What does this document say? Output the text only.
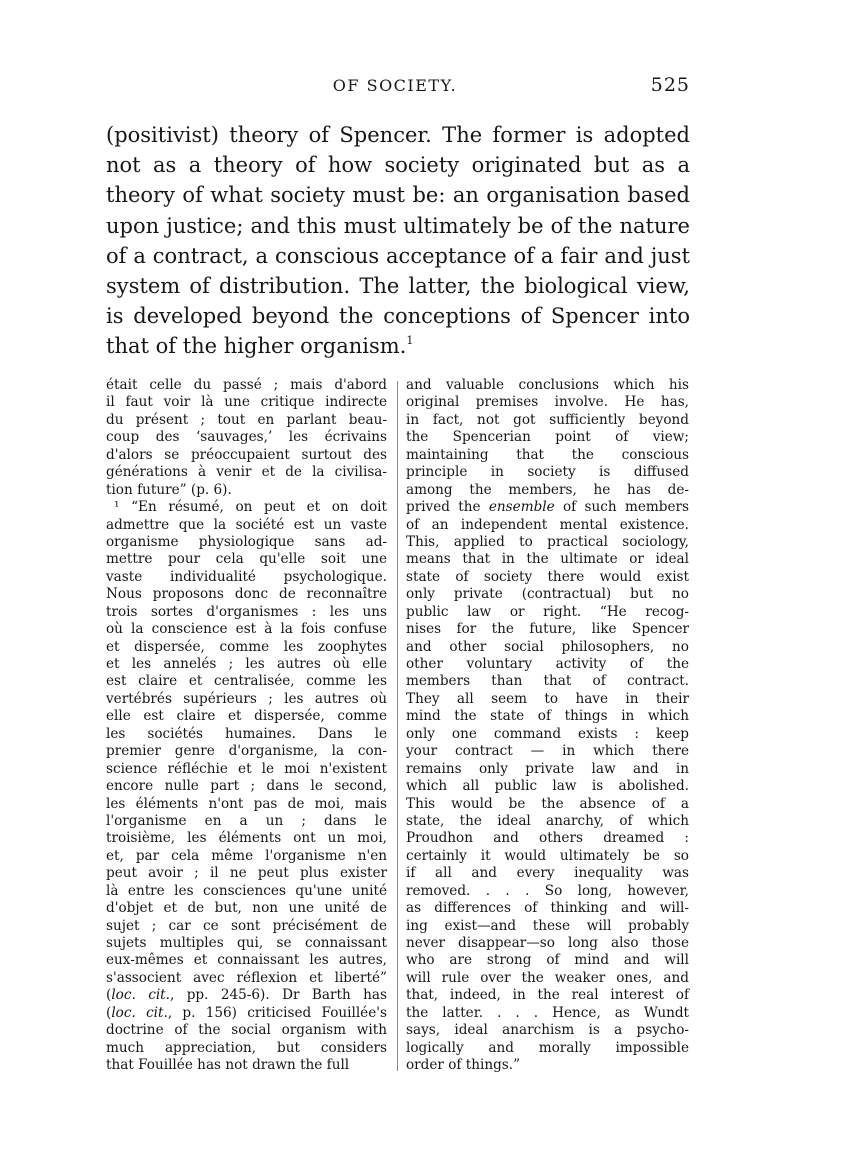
OF SOCIETY.	525
(positivist) theory of Spencer. The former is adopted
not as a theory of how society originated but as a
theory of what society must be: an organisation based
upon justice; and this must ultimately be of the nature
of a contract, a conscious acceptance of a fair and just
system of distribution. The latter, the biological view,
is developed beyond the conceptions of Spencer into
that of the higher organism.$^1$
était celle du passé ; mais d'abord
il faut voir là une critique indirecte
du présent ; tout en parlant beau-
coup des ‘sauvages,’ les écrivains
d'alors se préoccupaient surtout des
générations à venir et de la civilisa-
tion future” (p. 6).
¹ “En résumé, on peut et on doit
admettre que la société est un vaste
organisme physiologique sans ad-
mettre pour cela qu'elle soit une
vaste individualité psychologique.
Nous proposons donc de reconnaître
trois sortes d'organismes : les uns
où la conscience est à la fois confuse
et dispersée, comme les zoophytes
et les annelés ; les autres où elle
est claire et centralisée, comme les
vertébrés supérieurs ; les autres où
elle est claire et dispersée, comme
les sociétés humaines. Dans le
premier genre d'organisme, la con-
science réfléchie et le moi n'existent
encore nulle part ; dans le second,
les éléments n'ont pas de moi, mais
l'organisme en a un ; dans le
troisième, les éléments ont un moi,
et, par cela même l'organisme n'en
peut avoir ; il ne peut plus exister
là entre les consciences qu'une unité
d'objet et de but, non une unité de
sujet ; car ce sont précisément de
sujets multiples qui, se connaissant
eux-mêmes et connaissant les autres,
s'associent avec réflexion et liberté”
(loc. cit., pp. 245-6). Dr Barth has
(loc. cit., p. 156) criticised Fouillée's
doctrine of the social organism with
much appreciation, but considers
that Fouillée has not drawn the full
and valuable conclusions which his
original premises involve. He has,
in fact, not got sufficiently beyond
the Spencerian point of view;
maintaining that the conscious
principle in society is diffused
among the members, he has de-
prived the ensemble of such members
of an independent mental existence.
This, applied to practical sociology,
means that in the ultimate or ideal
state of society there would exist
only private (contractual) but no
public law or right. “He recog-
nises for the future, like Spencer
and other social philosophers, no
other voluntary activity of the
members than that of contract.
They all seem to have in their
mind the state of things in which
only one command exists : keep
your contract — in which there
remains only private law and in
which all public law is abolished.
This would be the absence of a
state, the ideal anarchy, of which
Proudhon and others dreamed :
certainly it would ultimately be so
if all and every inequality was
removed. . . . So long, however,
as differences of thinking and will-
ing exist—and these will probably
never disappear—so long also those
who are strong of mind and will
will rule over the weaker ones, and
that, indeed, in the real interest of
the latter. . . . Hence, as Wundt
says, ideal anarchism is a psycho-
logically and morally impossible
order of things.”
